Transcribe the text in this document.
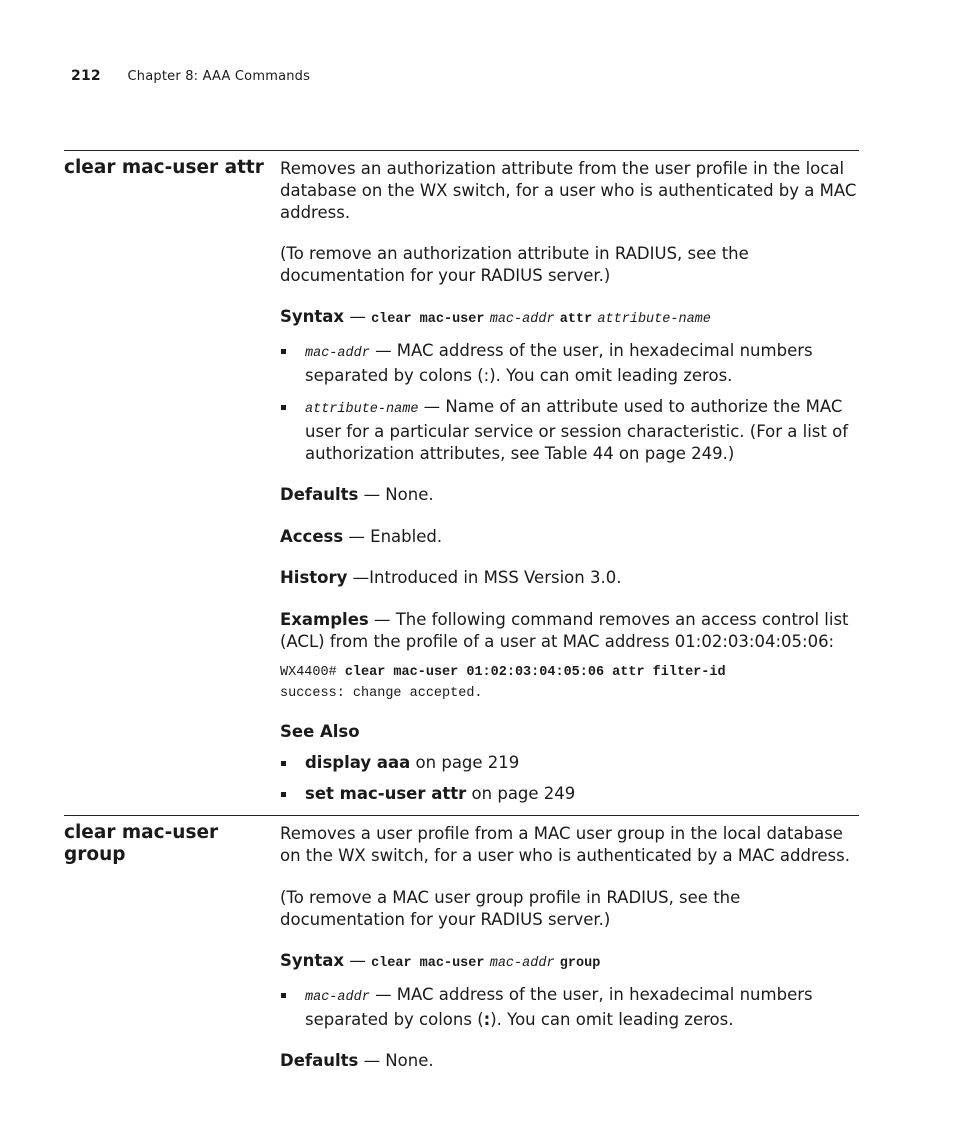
212 Chapter 8: AAA Commands
clear mac-user attr Removes an authorization attribute from the user profile in the local database on the WX switch, for a user who is authenticated by a MAC address.

(To remove an authorization attribute in RADIUS, see the documentation for your RADIUS server.)

Syntax — clear mac-user mac-addr attr attribute-name

mac-addr — MAC address of the user, in hexadecimal numbers separated by colons (:). You can omit leading zeros.
attribute-name — Name of an attribute used to authorize the MAC user for a particular service or session characteristic. (For a list of authorization attributes, see Table 44 on page 249.)

Defaults — None.

Access — Enabled.

History —Introduced in MSS Version 3.0.

Examples — The following command removes an access control list (ACL) from the profile of a user at MAC address 01:02:03:04:05:06:

WX4400# clear mac-user 01:02:03:04:05:06 attr filter-id
success: change accepted.

See Also

display aaa on page 219
set mac-user attr on page 249
clear mac-user
group

Removes a user profile from a MAC user group in the local database on the WX switch, for a user who is authenticated by a MAC address.

(To remove a MAC user group profile in RADIUS, see the documentation for your RADIUS server.)

Syntax — clear mac-user mac-addr group

mac-addr — MAC address of the user, in hexadecimal numbers separated by colons (:). You can omit leading zeros.

Defaults — None.
